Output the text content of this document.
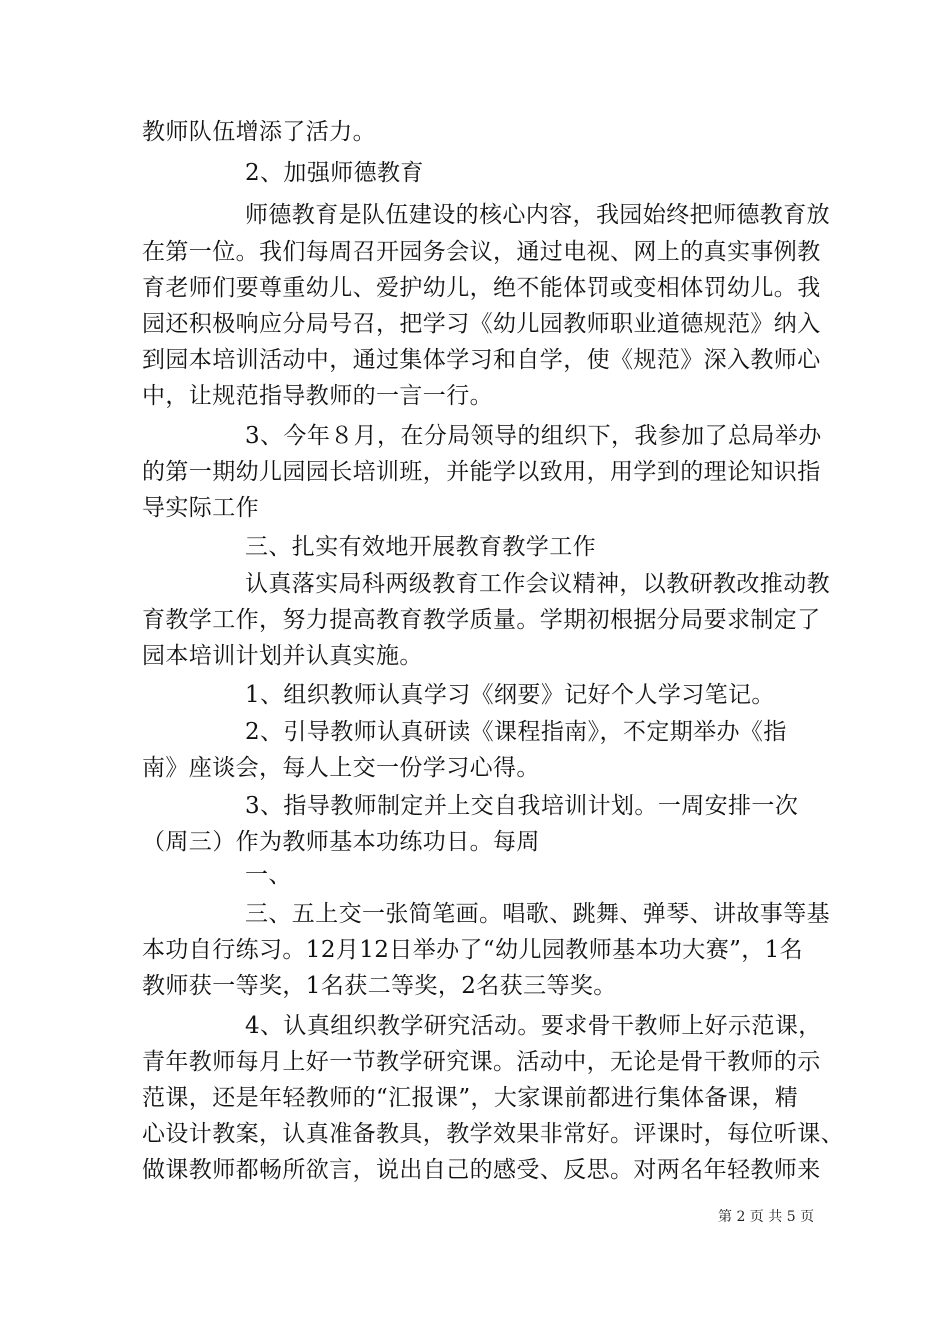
教师队伍增添了活力。
2、加强师德教育
师德教育是队伍建设的核心内容，我园始终把师德教育放
在第一位。我们每周召开园务会议，通过电视、网上的真实事例教
育老师们要尊重幼儿、爱护幼儿，绝不能体罚或变相体罚幼儿。我
园还积极响应分局号召，把学习《幼儿园教师职业道德规范》纳入
到园本培训活动中，通过集体学习和自学，使《规范》深入教师心
中，让规范指导教师的一言一行。
3、今年８月，在分局领导的组织下，我参加了总局举办
的第一期幼儿园园长培训班，并能学以致用，用学到的理论知识指
导实际工作
三、扎实有效地开展教育教学工作
认真落实局科两级教育工作会议精神，以教研教改推动教
育教学工作，努力提高教育教学质量。学期初根据分局要求制定了
园本培训计划并认真实施。
1、组织教师认真学习《纲要》记好个人学习笔记。
2、引导教师认真研读《课程指南》，不定期举办《指
南》座谈会，每人上交一份学习心得。
3、指导教师制定并上交自我培训计划。一周安排一次
（周三）作为教师基本功练功日。每周
一、
三、五上交一张简笔画。唱歌、跳舞、弹琴、讲故事等基
本功自行练习。12月12日举办了“幼儿园教师基本功大赛”，1名
教师获一等奖，1名获二等奖，2名获三等奖。
4、认真组织教学研究活动。要求骨干教师上好示范课，
青年教师每月上好一节教学研究课。活动中，无论是骨干教师的示
范课，还是年轻教师的“汇报课”，大家课前都进行集体备课，精
心设计教案，认真准备教具，教学效果非常好。评课时，每位听课、
做课教师都畅所欲言，说出自己的感受、反思。对两名年轻教师来
第 2 页 共 5 页
